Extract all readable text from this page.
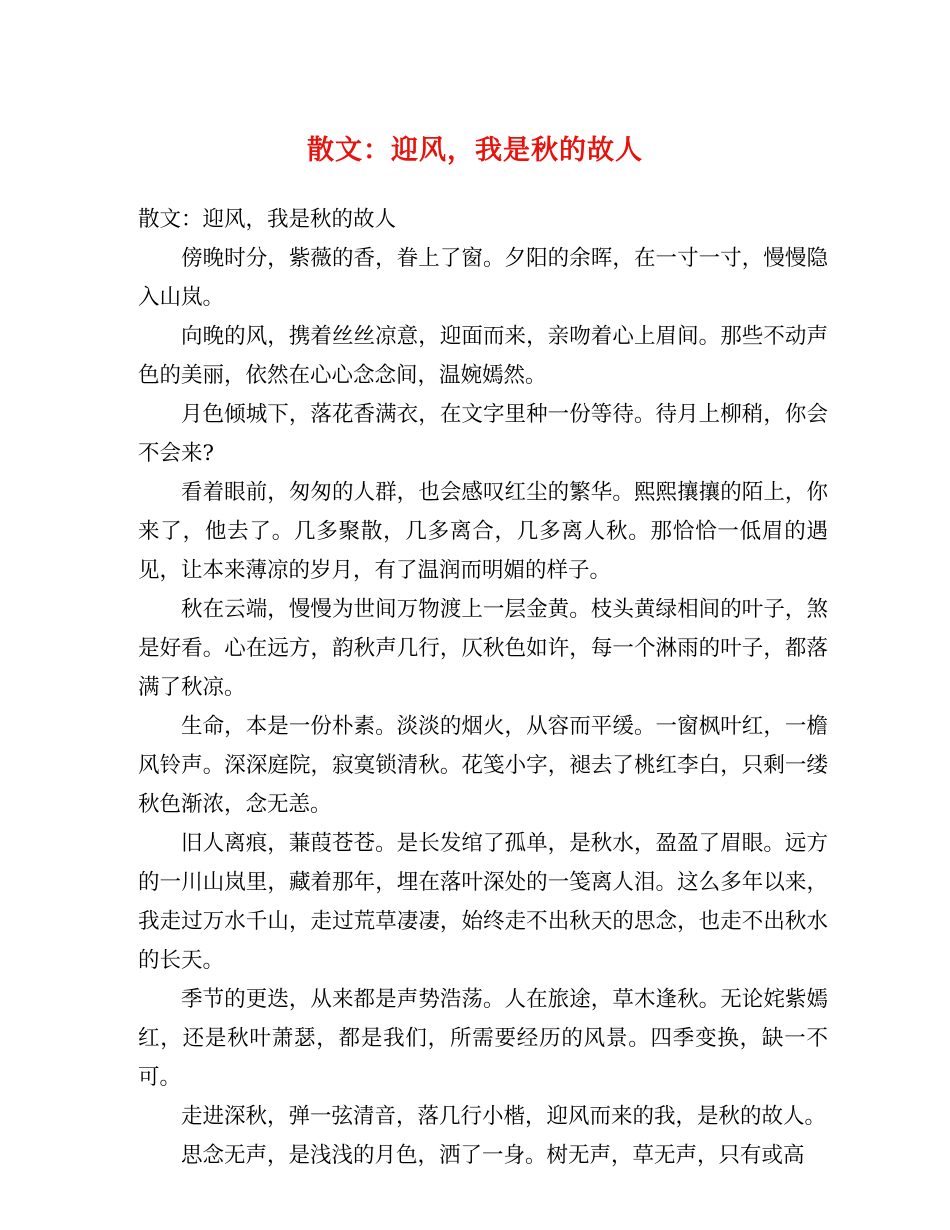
散文：迎风，我是秋的故人

散文：迎风，我是秋的故人

傍晚时分，紫薇的香，眷上了窗。夕阳的余晖，在一寸一寸，慢慢隐入山岚。

向晚的风，携着丝丝凉意，迎面而来，亲吻着心上眉间。那些不动声色的美丽，依然在心心念念间，温婉嫣然。

月色倾城下，落花香满衣，在文字里种一份等待。待月上柳稍，你会不会来?

看着眼前，匆匆的人群，也会感叹红尘的繁华。熙熙攘攘的陌上，你来了，他去了。几多聚散，几多离合，几多离人秋。那恰恰一低眉的遇见，让本来薄凉的岁月，有了温润而明媚的样子。

秋在云端，慢慢为世间万物渡上一层金黄。枝头黄绿相间的叶子，煞是好看。心在远方，韵秋声几行，仄秋色如许，每一个淋雨的叶子，都落满了秋凉。

生命，本是一份朴素。淡淡的烟火，从容而平缓。一窗枫叶红，一檐风铃声。深深庭院，寂寞锁清秋。花笺小字，褪去了桃红李白，只剩一缕秋色渐浓，念无恙。

旧人离痕，蒹葭苍苍。是长发绾了孤单，是秋水，盈盈了眉眼。远方的一川山岚里，藏着那年，埋在落叶深处的一笺离人泪。这么多年以来，我走过万水千山，走过荒草凄凄，始终走不出秋天的思念，也走不出秋水的长天。

季节的更迭，从来都是声势浩荡。人在旅途，草木逢秋。无论姹紫嫣红，还是秋叶萧瑟，都是我们，所需要经历的风景。四季变换，缺一不可。

走进深秋，弹一弦清音，落几行小楷，迎风而来的我，是秋的故人。

思念无声，是浅浅的月色，洒了一身。树无声，草无声，只有或高
